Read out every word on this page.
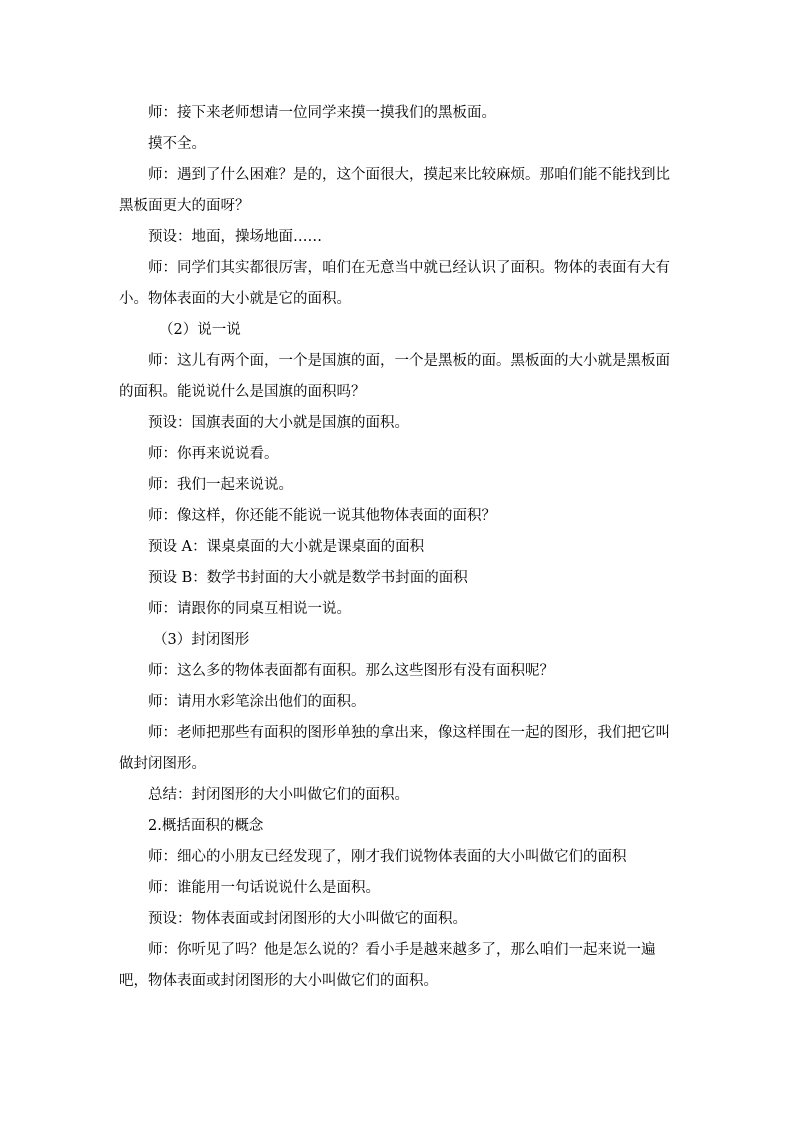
师：接下来老师想请一位同学来摸一摸我们的黑板面。

摸不全。

师：遇到了什么困难？是的，这个面很大，摸起来比较麻烦。那咱们能不能找到比黑板面更大的面呀？

预设：地面，操场地面……

师：同学们其实都很厉害，咱们在无意当中就已经认识了面积。物体的表面有大有小。物体表面的大小就是它的面积。

（2）说一说

师：这儿有两个面，一个是国旗的面，一个是黑板的面。黑板面的大小就是黑板面的面积。能说说什么是国旗的面积吗？

预设：国旗表面的大小就是国旗的面积。

师：你再来说说看。

师：我们一起来说说。

师：像这样，你还能不能说一说其他物体表面的面积？

预设 A：课桌桌面的大小就是课桌面的面积

预设 B：数学书封面的大小就是数学书封面的面积

师：请跟你的同桌互相说一说。

（3）封闭图形

师：这么多的物体表面都有面积。那么这些图形有没有面积呢？

师：请用水彩笔涂出他们的面积。

师：老师把那些有面积的图形单独的拿出来，像这样围在一起的图形，我们把它叫做封闭图形。

总结：封闭图形的大小叫做它们的面积。

2.概括面积的概念

师：细心的小朋友已经发现了，刚才我们说物体表面的大小叫做它们的面积

师：谁能用一句话说说什么是面积。

预设：物体表面或封闭图形的大小叫做它的面积。

师：你听见了吗？他是怎么说的？看小手是越来越多了，那么咱们一起来说一遍吧，物体表面或封闭图形的大小叫做它们的面积。
